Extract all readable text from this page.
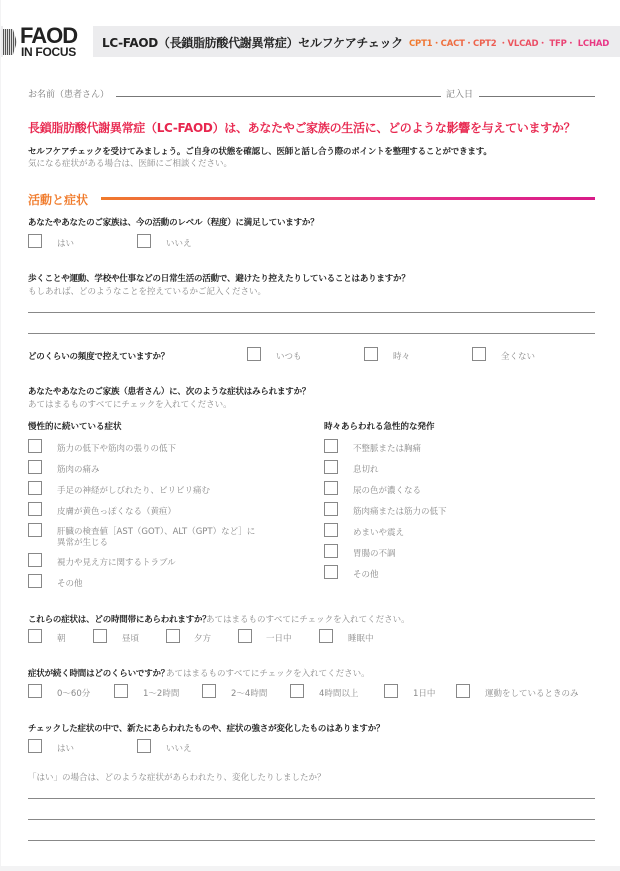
FAOD
IN FOCUS
LC-FAOD（長鎖脂肪酸代謝異常症）セルフケアチェック CPT1・CACT・CPT2 ・VLCAD・ TFP・ LCHAD
お名前（患者さん）	記入日
長鎖脂肪酸代謝異常症（LC-FAOD）は、あなたやご家族の生活に、どのような影響を与えていますか？
セルフケアチェックを受けてみましょう。ご自身の状態を確認し、医師と話し合う際のポイントを整理することができます。
気になる症状がある場合は、医師にご相談ください。
活動と症状
あなたやあなたのご家族は、今の活動のレベル（程度）に満足していますか？
はい	いいえ
歩くことや運動、学校や仕事などの日常生活の活動で、避けたり控えたりしていることはありますか？
もしあれば、どのようなことを控えているかご記入ください。
どのくらいの頻度で控えていますか？	いつも	時々	全くない
あなたやあなたのご家族（患者さん）に、次のような症状はみられますか？
あてはまるものすべてにチェックを入れてください。
慢性的に続いている症状
筋力の低下や筋肉の張りの低下
筋肉の痛み
手足の神経がしびれたり、ビリビリ痛む
皮膚が黄色っぽくなる（黄疸）
肝臓の検査値［AST（GOT）、ALT（GPT）など］に
異常が生じる
視力や見え方に関するトラブル
その他
時々あらわれる急性的な発作
不整脈または胸痛
息切れ
尿の色が濃くなる
筋肉痛または筋力の低下
めまいや震え
胃腸の不調
その他
これらの症状は、どの時間帯にあらわれますか？
あてはまるものすべてにチェックを入れてください。
朝	昼頃	夕方	一日中	睡眠中
症状が続く時間はどのくらいですか？
あてはまるものすべてにチェックを入れてください。
0〜60分	1〜2時間	2〜4時間	4時間以上	1日中	運動をしているときのみ
チェックした症状の中で、新たにあらわれたものや、症状の強さが変化したものはありますか？
はい	いいえ
「はい」の場合は、どのような症状があらわれたり、変化したりしましたか？
